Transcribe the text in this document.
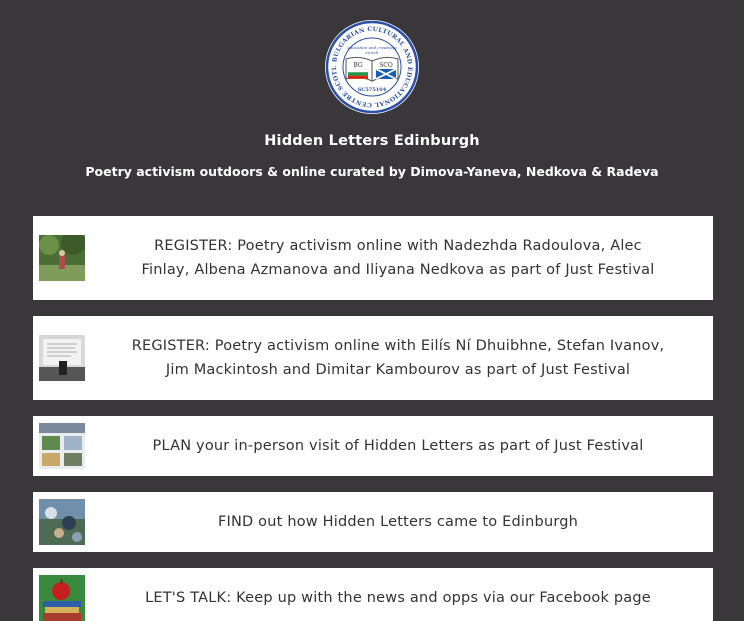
BULGARIAN CULTURAL AND EDUCATIONAL CENTRE SCOTL
education and creativity
enrich
BG	SCO
SC575104
Hidden Letters Edinburgh
Poetry activism outdoors & online curated by Dimova-Yaneva, Nedkova & Radeva
REGISTER: Poetry activism online with Nadezhda Radoulova, Alec
Finlay, Albena Azmanova and Iliyana Nedkova as part of Just Festival
REGISTER: Poetry activism online with Eilís Ní Dhuibhne, Stefan Ivanov,
Jim Mackintosh and Dimitar Kambourov as part of Just Festival
PLAN your in-person visit of Hidden Letters as part of Just Festival
FIND out how Hidden Letters came to Edinburgh
LET'S TALK: Keep up with the news and opps via our Facebook page
